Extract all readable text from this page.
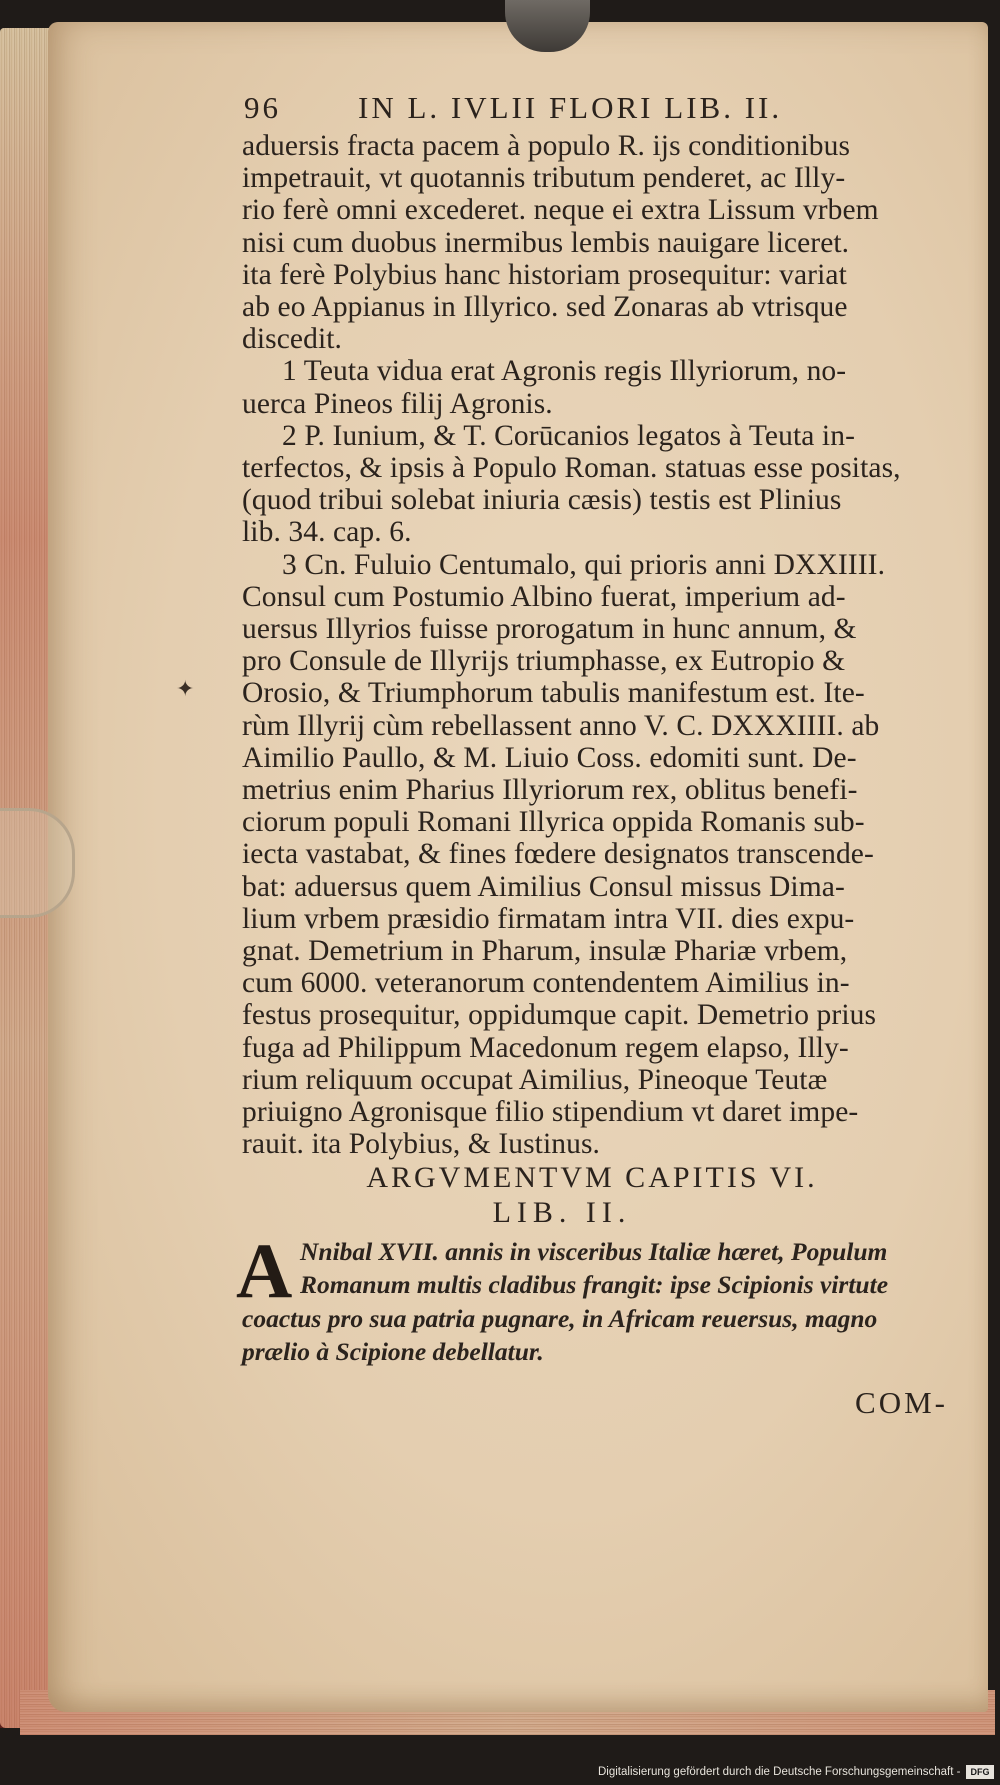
✦
96 IN L. IVLII FLORI LIB. II.
aduersis fracta pacem à populo R. ijs conditionibus
impetrauit, vt quotannis tributum penderet, ac Illy-
rio ferè omni excederet. neque ei extra Lissum vrbem
nisi cum duobus inermibus lembis nauigare liceret.
ita ferè Polybius hanc historiam prosequitur: variat
ab eo Appianus in Illyrico. sed Zonaras ab vtrisque
discedit.
1 Teuta vidua erat Agronis regis Illyriorum, no-
uerca Pineos filij Agronis.
2 P. Iunium, & T. Corūcanios legatos à Teuta in-
terfectos, & ipsis à Populo Roman. statuas esse positas,
(quod tribui solebat iniuria cæsis) testis est Plinius
lib. 34. cap. 6.
3 Cn. Fuluio Centumalo, qui prioris anni DXXIIII.
Consul cum Postumio Albino fuerat, imperium ad-
uersus Illyrios fuisse prorogatum in hunc annum, &
pro Consule de Illyrijs triumphasse, ex Eutropio &
Orosio, & Triumphorum tabulis manifestum est. Ite-
rùm Illyrij cùm rebellassent anno V. C. DXXXIIII. ab
Aimilio Paullo, & M. Liuio Coss. edomiti sunt. De-
metrius enim Pharius Illyriorum rex, oblitus benefi-
ciorum populi Romani Illyrica oppida Romanis sub-
iecta vastabat, & fines fœdere designatos transcende-
bat: aduersus quem Aimilius Consul missus Dima-
lium vrbem præsidio firmatam intra VII. dies expu-
gnat. Demetrium in Pharum, insulæ Phariæ vrbem,
cum 6000. veteranorum contendentem Aimilius in-
festus prosequitur, oppidumque capit. Demetrio prius
fuga ad Philippum Macedonum regem elapso, Illy-
rium reliquum occupat Aimilius, Pineoque Teutæ
priuigno Agronisque filio stipendium vt daret impe-
rauit. ita Polybius, & Iustinus.
ARGVMENTVM CAPITIS VI.
LIB. II.
A Nnibal XVII. annis in visceribus Italiæ hæret, Populum
Romanum multis cladibus frangit: ipse Scipionis virtute
coactus pro sua patria pugnare, in Africam reuersus, magno
prælio à Scipione debellatur.
COM-
Digitalisierung gefördert durch die Deutsche Forschungsgemeinschaft -	DFG
